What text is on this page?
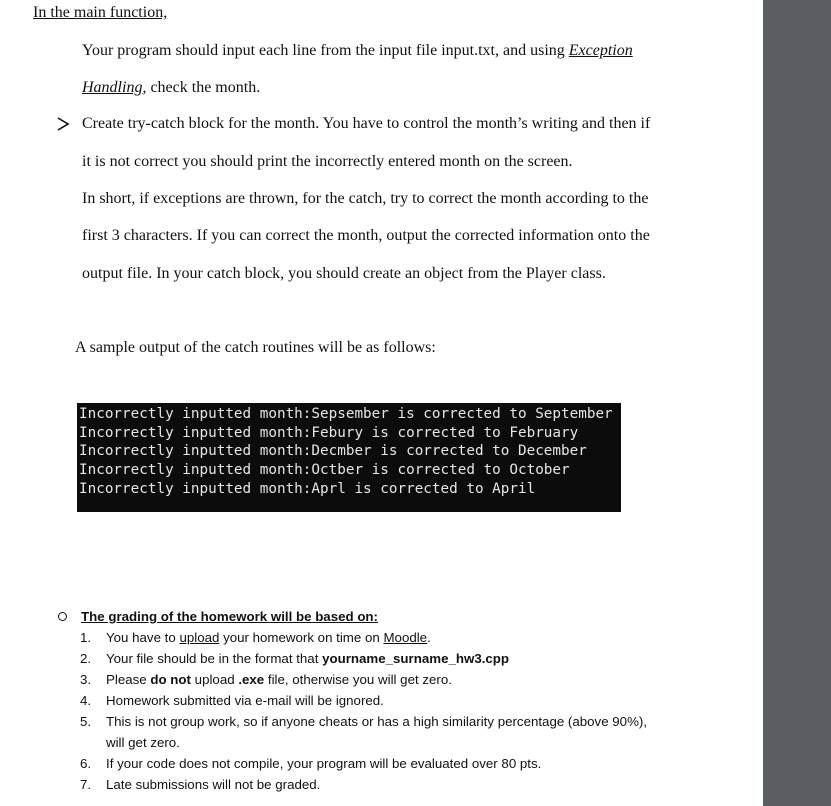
In the main function,
Your program should input each line from the input file input.txt, and using Exception
Handling, check the month.
Create try-catch block for the month. You have to control the month’s writing and then if
it is not correct you should print the incorrectly entered month on the screen.
In short, if exceptions are thrown, for the catch, try to correct the month according to the
first 3 characters. If you can correct the month, output the corrected information onto the
output file. In your catch block, you should create an object from the Player class.
A sample output of the catch routines will be as follows:
Incorrectly inputted month:Sepsember is corrected to September
Incorrectly inputted month:Febury is corrected to February
Incorrectly inputted month:Decmber is corrected to December
Incorrectly inputted month:Octber is corrected to October
Incorrectly inputted month:Aprl is corrected to April
The grading of the homework will be based on:
1. You have to upload your homework on time on Moodle.
2. Your file should be in the format that yourname_surname_hw3.cpp
3. Please do not upload .exe file, otherwise you will get zero.
4. Homework submitted via e-mail will be ignored.
5. This is not group work, so if anyone cheats or has a high similarity percentage (above 90%),
will get zero.
6. If your code does not compile, your program will be evaluated over 80 pts.
7. Late submissions will not be graded.
